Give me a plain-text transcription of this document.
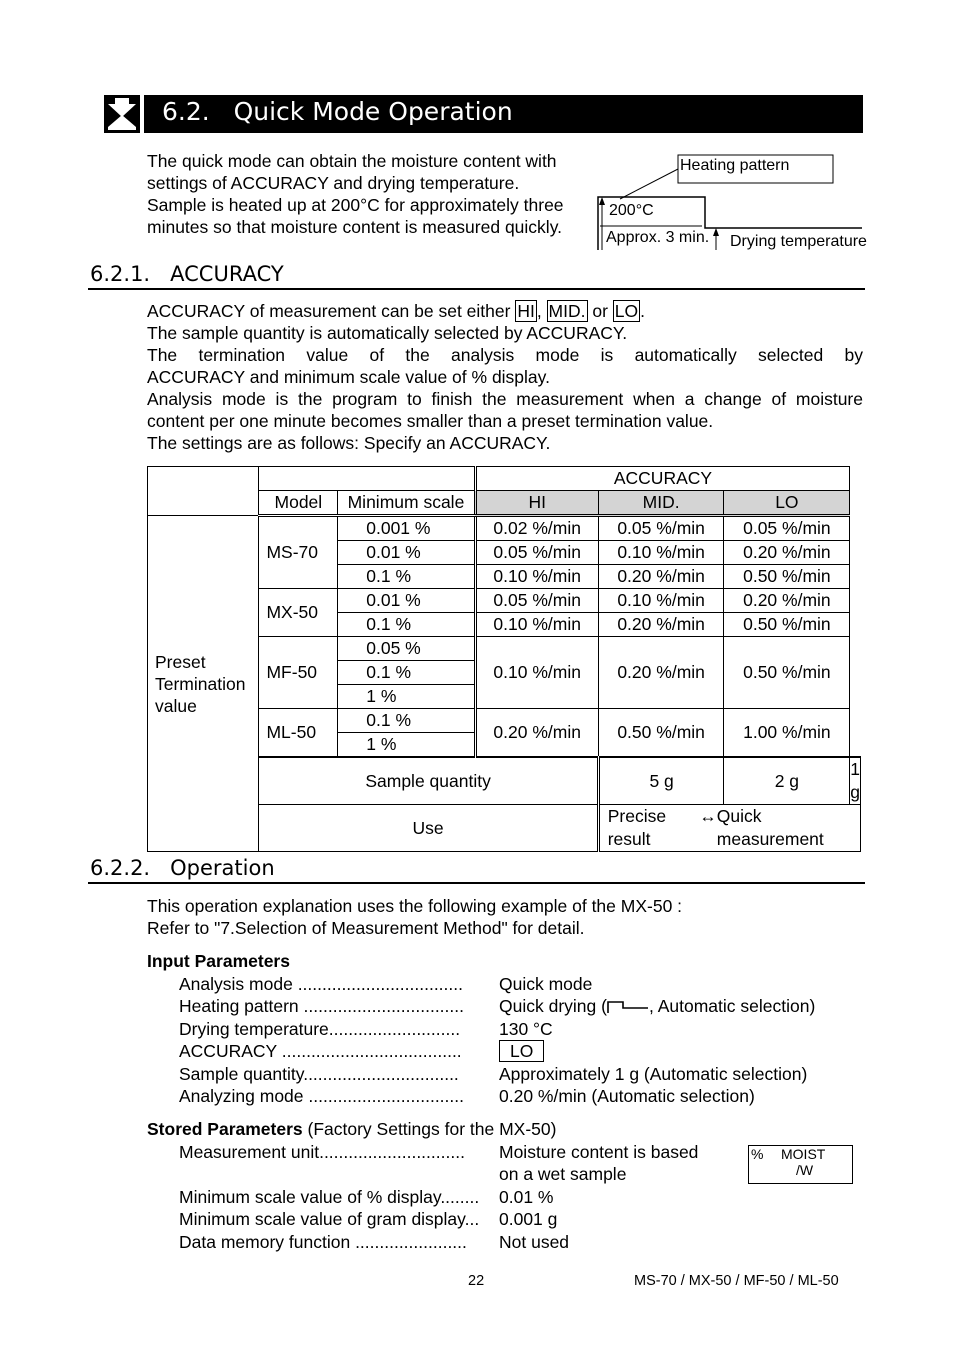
6.2. Quick Mode Operation
The quick mode can obtain the moisture content with
settings of ACCURACY and drying temperature.
Sample is heated up at 200°C for approximately three
minutes so that moisture content is measured quickly.
Heating pattern
200°C
Approx. 3 min. Drying temperature
6.2.1. ACCURACY
ACCURACY of measurement can be set either HI , MID. or LO .
The sample quantity is automatically selected by ACCURACY.
The termination value of the analysis mode is automatically selected by
ACCURACY and minimum scale value of % display.
Analysis mode is the program to finish the measurement when a change of moisture
content per one minute becomes smaller than a preset termination value.
The settings are as follows: Specify an ACCURACY.
			ACCURACY			
	Model	Minimum scale	HI	MID.	LO	

Preset
Termination
value	MS-70	0.001 %	0.02 %/min	0.05 %/min	0.05 %/min	
		0.01 %	0.05 %/min	0.10 %/min	0.20 %/min	
		0.1 %	0.10 %/min	0.20 %/min	0.50 %/min	
	MX-50	0.01 %	0.05 %/min	0.10 %/min	0.20 %/min	
		0.1 %	0.10 %/min	0.20 %/min	0.50 %/min	
	MF-50	0.05 %	0.10 %/min	0.20 %/min	0.50 %/min	
		0.1 %				
		1 %				
	ML-50	0.1 %	0.20 %/min	0.50 %/min	1.00 %/min	
		1 %				
	Sample quantity			5 g	2 g	1 g
	Use			Precise result
↔ Quick measurement		
6.2.2. Operation
This operation explanation uses the following example of the MX-50 :
Refer to "7.Selection of Measurement Method" for detail.
Input Parameters
Analysis mode ..................................	Quick mode
Heating pattern .................................	Quick drying ( , Automatic selection)
Drying temperature...........................	130 °C
ACCURACY .....................................	LO
Sample quantity................................	Approximately 1 g (Automatic selection)
Analyzing mode ................................	0.20 %/min (Automatic selection)
Stored Parameters (Factory Settings for the MX-50)
Measurement unit..............................	Moisture content is based
on a wet sample
Minimum scale value of % display........	0.01 %
Minimum scale value of gram display...	0.001 g
Data memory function .......................	Not used
% MOIST
/W
22	MS-70 / MX-50 / MF-50 / ML-50
